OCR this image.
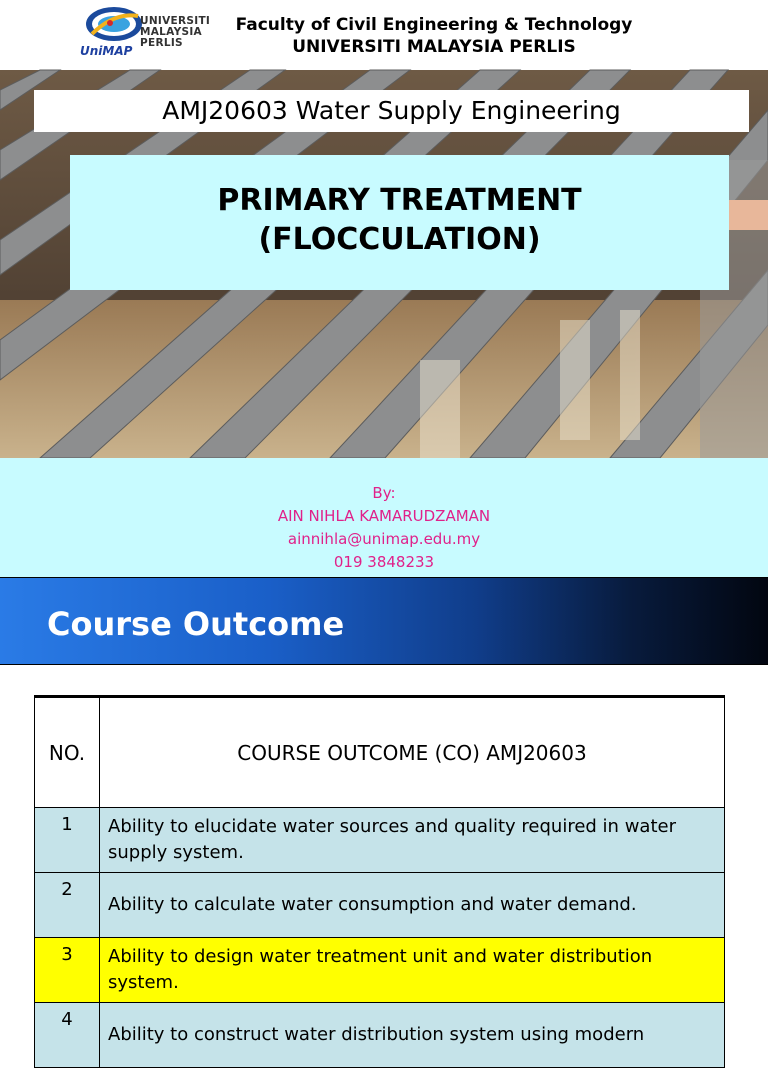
UNIVERSITI
MALAYSIA
PERLIS
UniMAP
Faculty of Civil Engineering & Technology
UNIVERSITI MALAYSIA PERLIS
AMJ20603 Water Supply Engineering
PRIMARY TREATMENT
(FLOCCULATION)
By:
AIN NIHLA KAMARUDZAMAN
ainnihla@unimap.edu.my
019 3848233
Course Outcome
NO.	COURSE OUTCOME (CO) AMJ20603
1	Ability to elucidate water sources and quality required in water supply system.
2	Ability to calculate water consumption and water demand.
3	Ability to design water treatment unit and water distribution system.
4	Ability to construct water distribution system using modern
